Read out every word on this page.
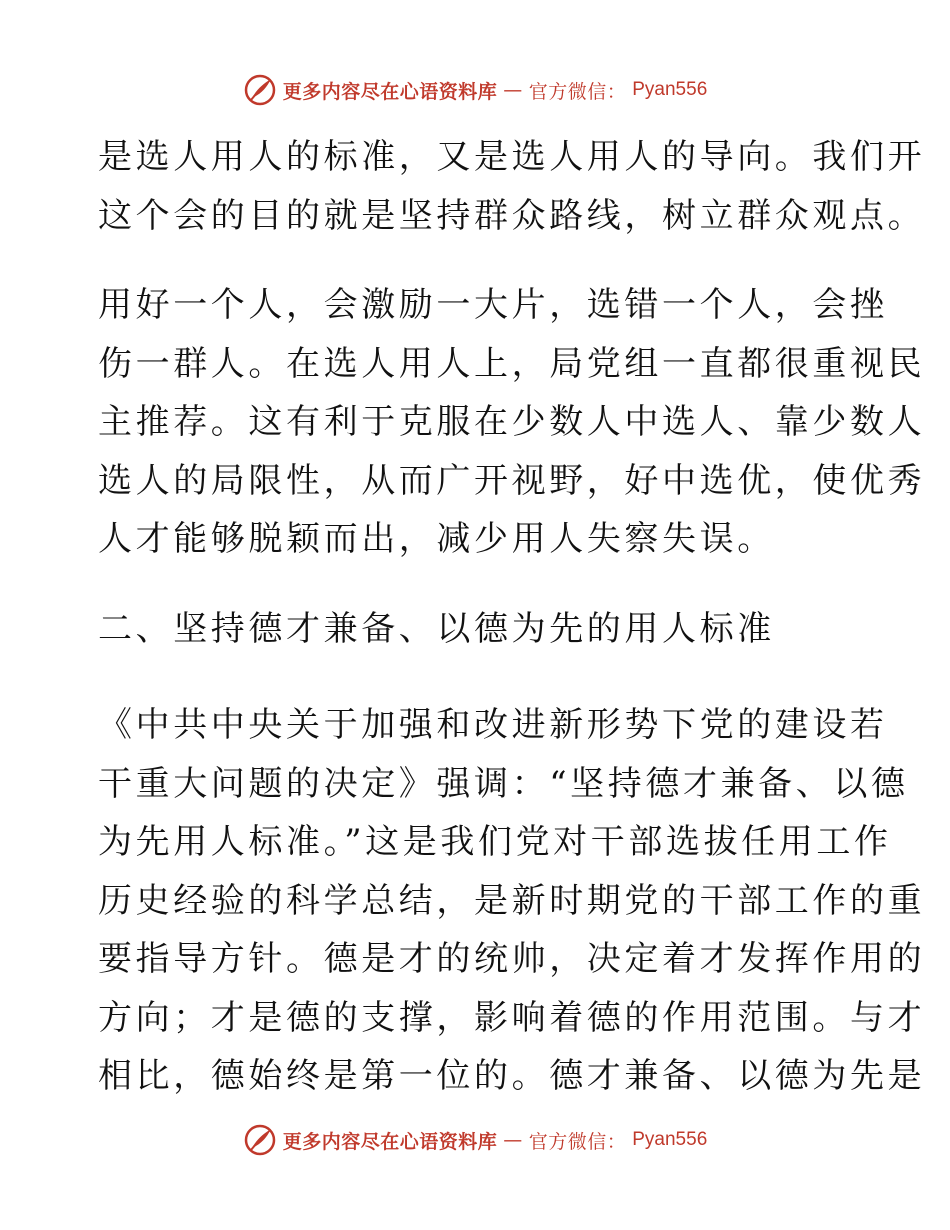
更多内容尽在心语资料库 — 官方微信： Pyan556
是选人用人的标准，又是选人用人的导向。我们开
这个会的目的就是坚持群众路线，树立群众观点。
用好一个人，会激励一大片，选错一个人，会挫
伤一群人。在选人用人上，局党组一直都很重视民
主推荐。这有利于克服在少数人中选人、靠少数人
选人的局限性，从而广开视野，好中选优，使优秀
人才能够脱颖而出，减少用人失察失误。
二、坚持德才兼备、以德为先的用人标准
《中共中央关于加强和改进新形势下党的建设若
干重大问题的决定》强调：“坚持德才兼备、以德
为先用人标准。”这是我们党对干部选拔任用工作
历史经验的科学总结，是新时期党的干部工作的重
要指导方针。德是才的统帅，决定着才发挥作用的
方向；才是德的支撑，影响着德的作用范围。与才
相比，德始终是第一位的。德才兼备、以德为先是
更多内容尽在心语资料库 — 官方微信： Pyan556
